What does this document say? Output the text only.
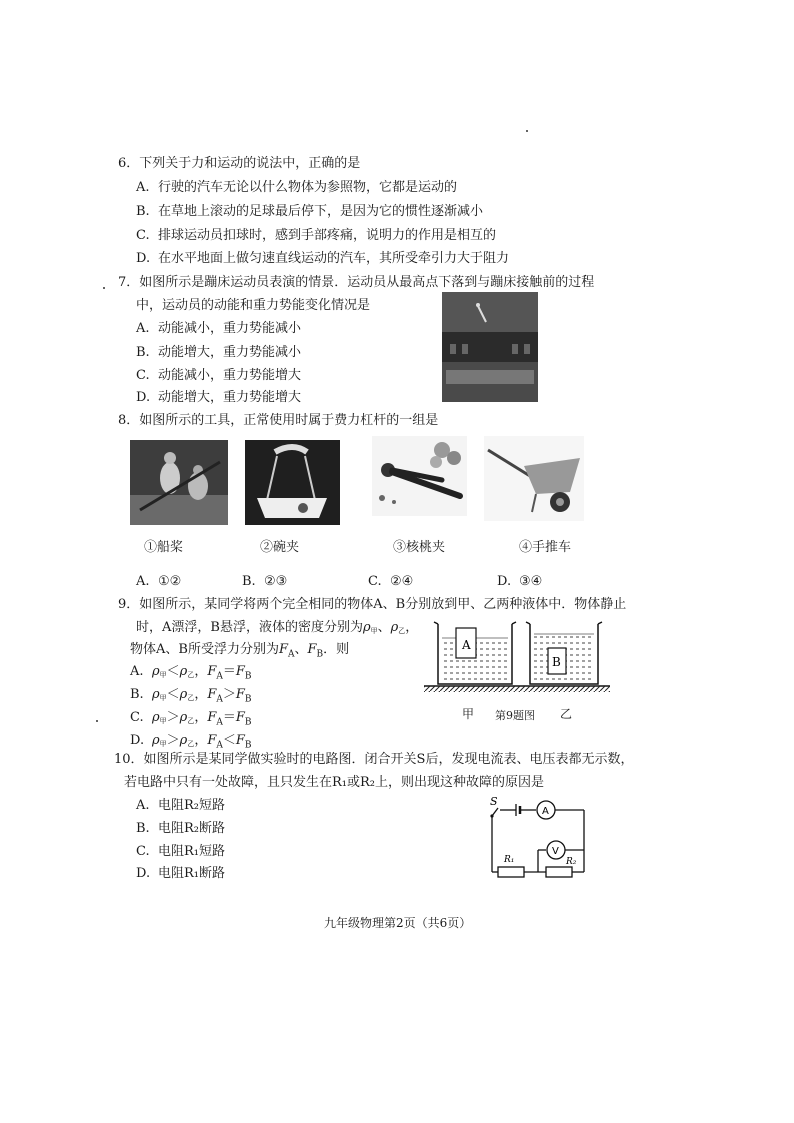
6．下列关于力和运动的说法中，正确的是
A. 行驶的汽车无论以什么物体为参照物，它都是运动的
B. 在草地上滚动的足球最后停下，是因为它的惯性逐渐减小
C. 排球运动员扣球时，感到手部疼痛，说明力的作用是相互的
D. 在水平地面上做匀速直线运动的汽车，其所受牵引力大于阻力
7．如图所示是蹦床运动员表演的情景．运动员从最高点下落到与蹦床接触前的过程
中，运动员的动能和重力势能变化情况是
A. 动能减小，重力势能减小
B. 动能增大，重力势能减小
C. 动能减小，重力势能增大
D. 动能增大，重力势能增大
8．如图所示的工具，正常使用时属于费力杠杆的一组是
①船桨	②碗夹	③核桃夹	④手推车
A. ①②	B. ②③	C. ②④	D. ③④
9．如图所示，某同学将两个完全相同的物体A、B分别放到甲、乙两种液体中．物体静止
时，A漂浮，B悬浮，液体的密度分别为ρ甲、ρ乙，
物体A、B所受浮力分别为$F_A$、$F_B$．则
A. ρ甲＜ρ乙，$F_A=F_B$
B. ρ甲＜ρ乙，$F_A>F_B$
C. ρ甲＞ρ乙，$F_A=F_B$
D. ρ甲＞ρ乙，$F_A<F_B$
A
B
甲 第9题图 乙
10．如图所示是某同学做实验时的电路图．闭合开关S后，发现电流表、电压表都无示数，
若电路中只有一处故障，且只发生在R₁或R₂上，则出现这种故障的原因是
A. 电阻R₂短路
B. 电阻R₂断路
C. 电阻R₁短路
D. 电阻R₁断路
S
A
V
R₁	R₂
九年级物理第2页（共6页）
